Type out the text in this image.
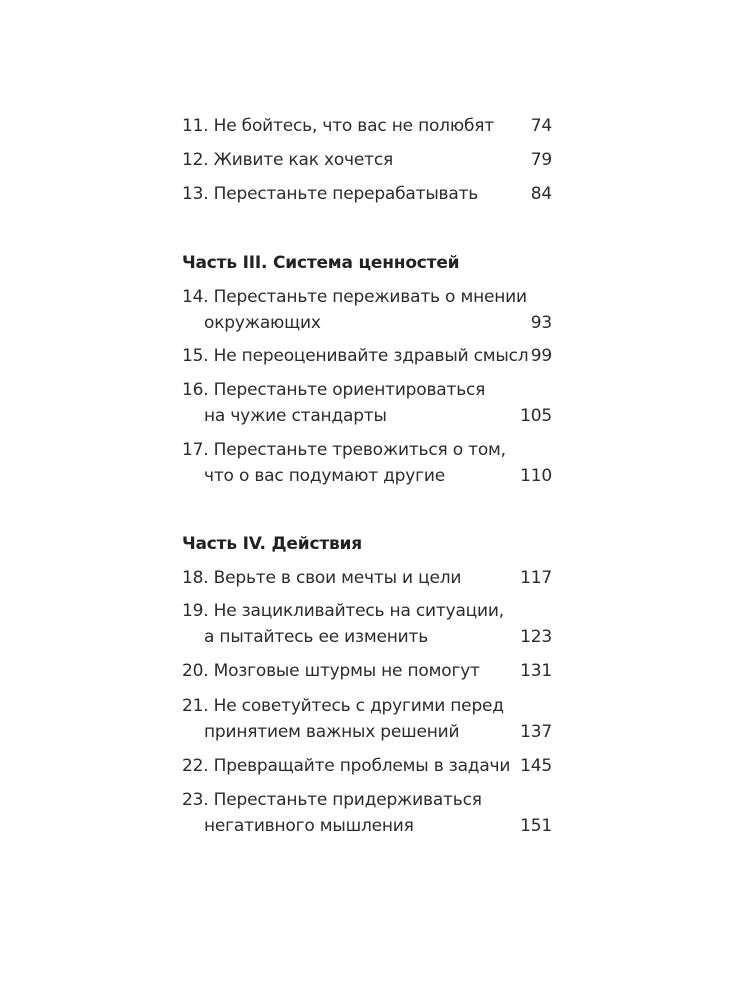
11. Не бойтесь, что вас не полюбят 74
12. Живите как хочется	79
13. Перестаньте перерабатывать	84
Часть III. Система ценностей
14. Перестаньте переживать о мнении
окружающих	93
15. Не переоценивайте здравый смысл 99
16. Перестаньте ориентироваться
на чужие стандарты	105
17. Перестаньте тревожиться о том,
что о вас подумают другие	110
Часть IV. Действия
18. Верьте в свои мечты и цели	117
19. Не зацикливайтесь на ситуации,
а пытайтесь ее изменить	123
20. Мозговые штурмы не помогут 131
21. Не советуйтесь с другими перед
принятием важных решений	137
22. Превращайте проблемы в задачи 145
23. Перестаньте придерживаться
негативного мышления	151
